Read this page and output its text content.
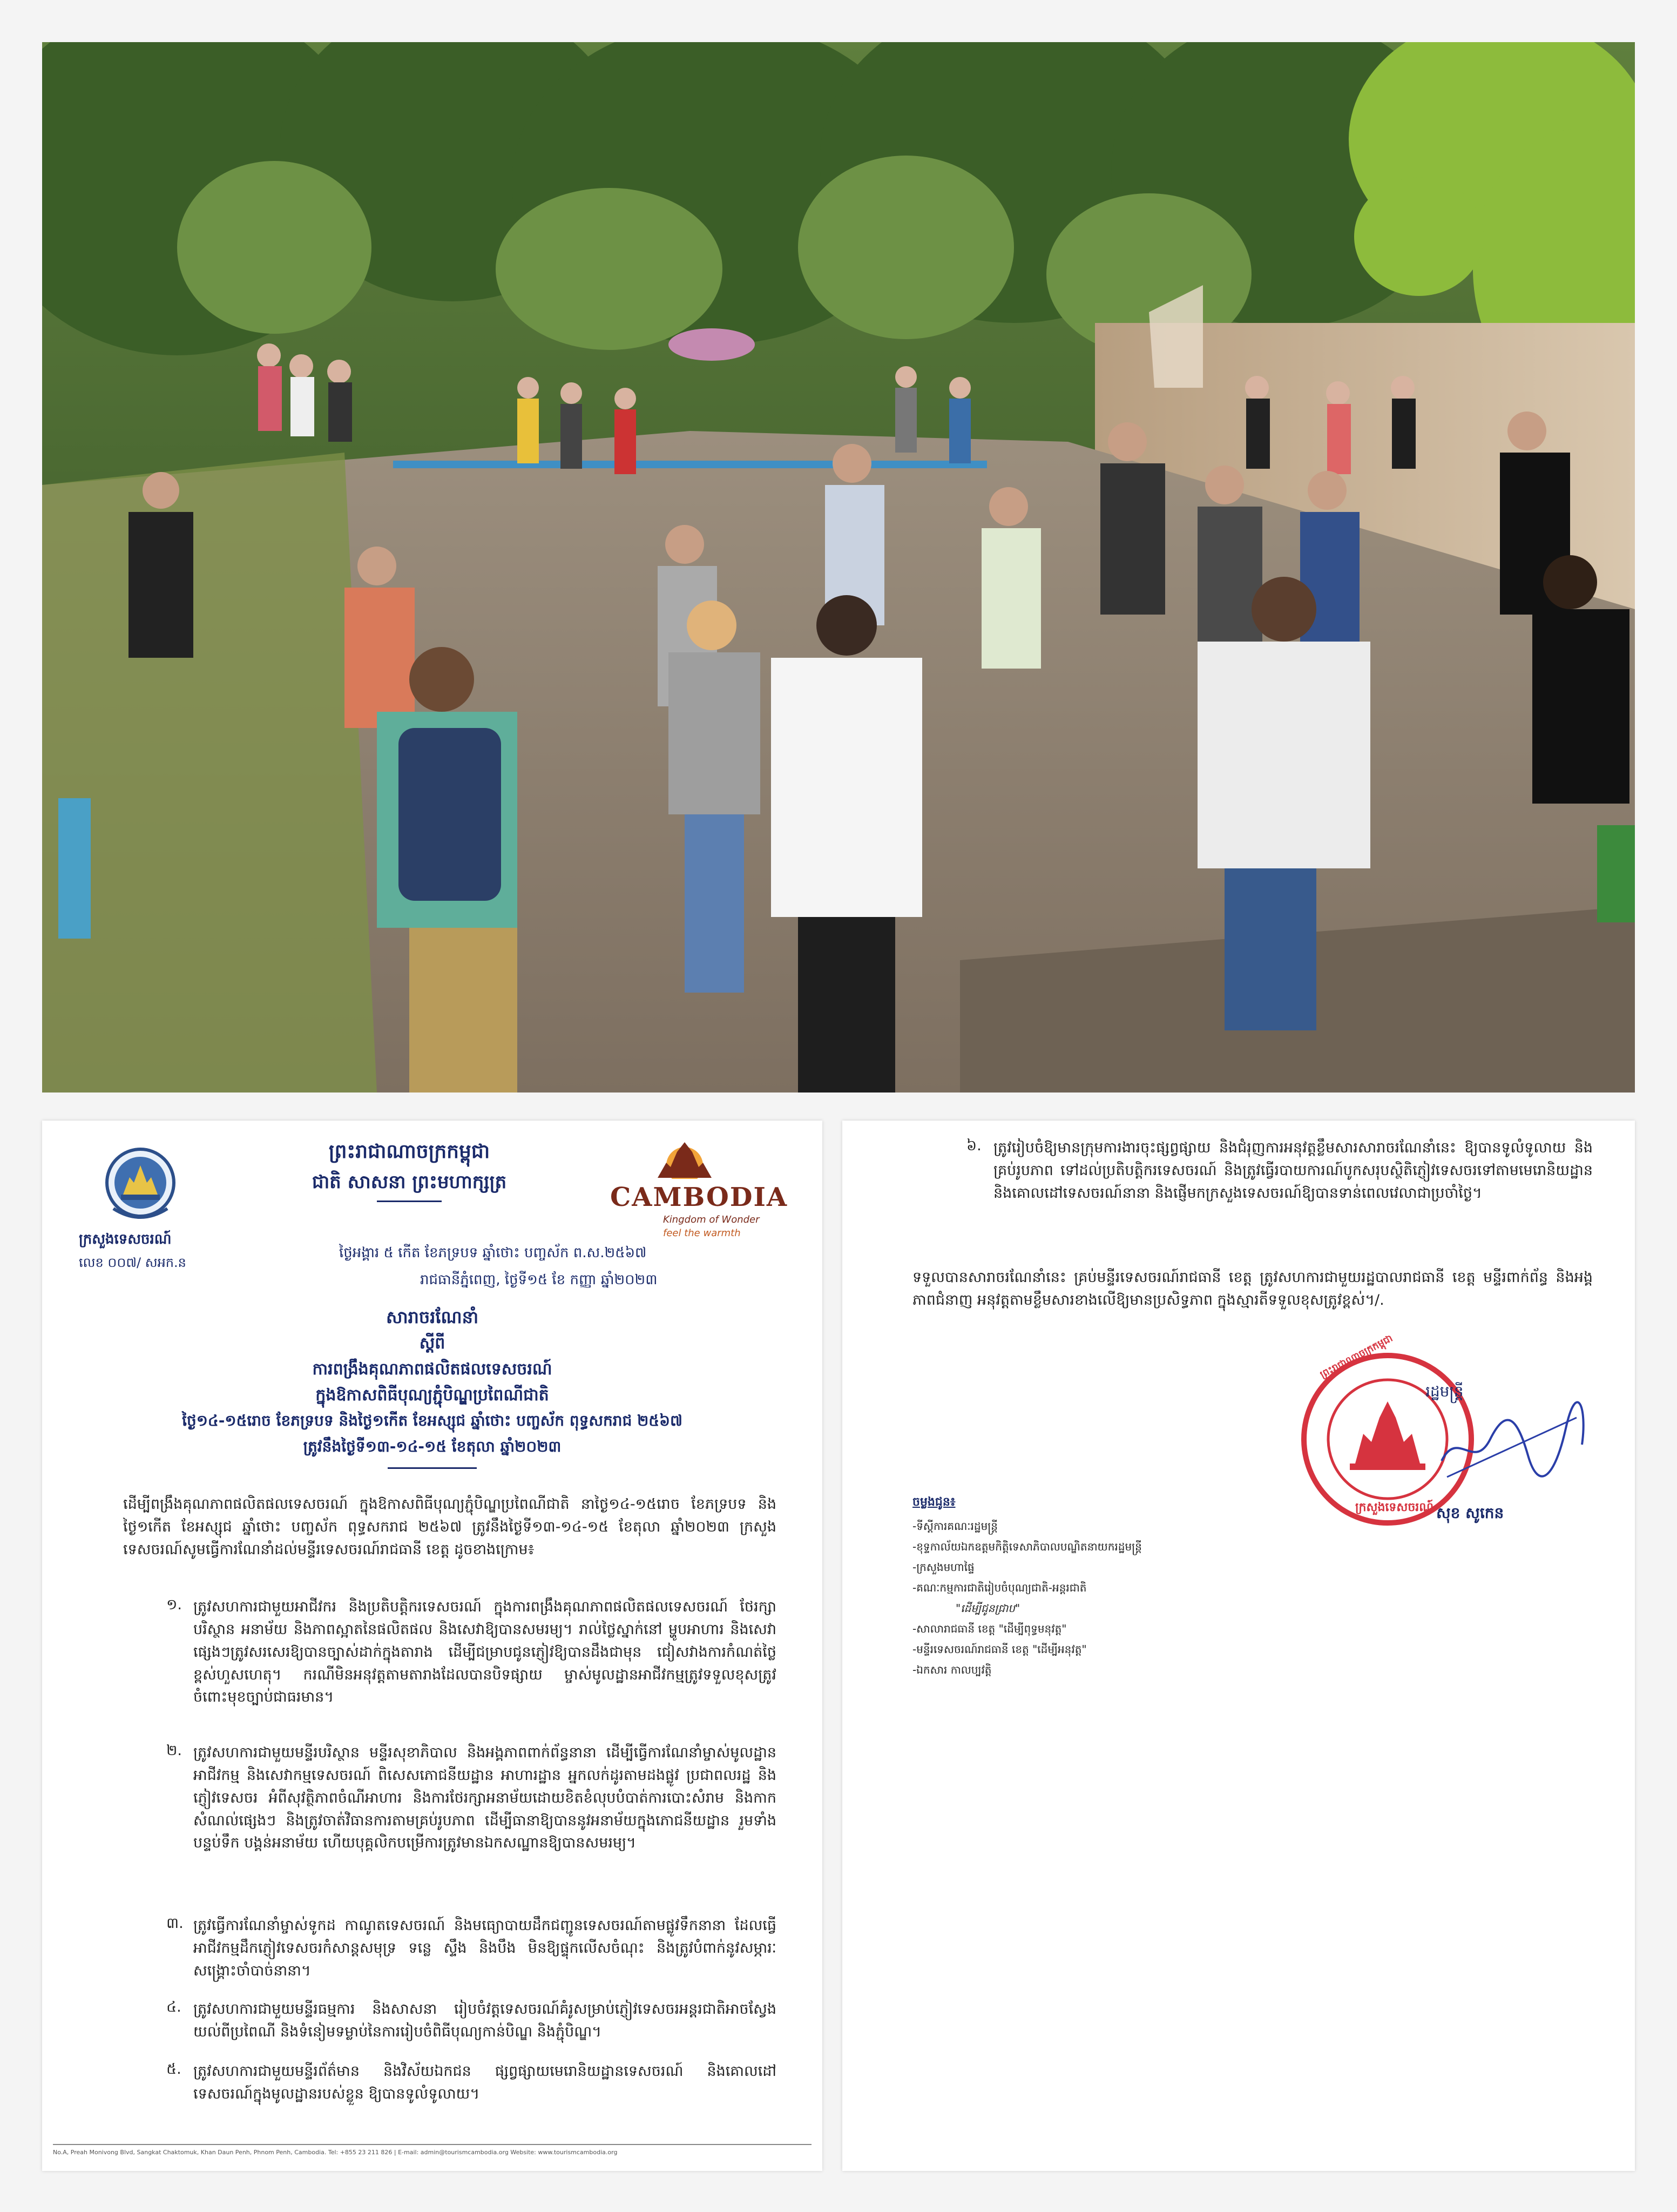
ក្រសួងទេសចរណ៍
លេខ ០០៧/ សអក.ន
ព្រះរាជាណាចក្រកម្ពុជា
ជាតិ សាសនា ព្រះមហាក្សត្រ	CAMBODIA
Kingdom of Wonder
feel the warmth
ថ្ងៃអង្គារ ៥ កើត ខែភទ្របទ ឆ្នាំថោះ បញ្ចស័ក ព.ស.២៥៦៧
រាជធានីភ្នំពេញ, ថ្ងៃទី១៥ ខែ កញ្ញា ឆ្នាំ២០២៣
សារាចរណែនាំ
ស្តីពី
ការពង្រឹងគុណភាពផលិតផលទេសចរណ៍
ក្នុងឱកាសពិធីបុណ្យភ្ជុំបិណ្ឌប្រពៃណីជាតិ
ថ្ងៃ១៤-១៥រោច ខែភទ្របទ និងថ្ងៃ១កើត ខែអស្សុជ ឆ្នាំថោះ បញ្ចស័ក ពុទ្ធសករាជ ២៥៦៧
ត្រូវនឹងថ្ងៃទី១៣-១៤-១៥ ខែតុលា ឆ្នាំ២០២៣
ដើម្បីពង្រឹងគុណភាពផលិតផលទេសចរណ៍ ក្នុងឱកាសពិធីបុណ្យភ្ជុំបិណ្ឌប្រពៃណីជាតិ នាថ្ងៃ១៤-១៥រោច ខែភទ្របទ និងថ្ងៃ១កើត ខែអស្សុជ ឆ្នាំថោះ បញ្ចស័ក ពុទ្ធសករាជ ២៥៦៧ ត្រូវនឹងថ្ងៃទី១៣-១៤-១៥ ខែតុលា ឆ្នាំ២០២៣ ក្រសួងទេសចរណ៍សូមធ្វើការណែនាំដល់មន្ទីរទេសចរណ៍រាជធានី ខេត្ត ដូចខាងក្រោម៖
១. ត្រូវសហការជាមួយអាជីវករ និងប្រតិបត្តិករទេសចរណ៍ ក្នុងការពង្រឹងគុណភាពផលិតផលទេសចរណ៍ ថែរក្សាបរិស្ថាន អនាម័យ និងភាពស្អាតនៃផលិតផល និងសេវាឱ្យបានសមរម្យ។ រាល់ថ្លៃស្នាក់នៅ ម្ហូបអាហារ និងសេវាផ្សេងៗត្រូវសរសេរឱ្យបានច្បាស់ដាក់ក្នុងតារាង ដើម្បីជម្រាបជូនភ្ញៀវឱ្យបានដឹងជាមុន ជៀសវាងការកំណត់ថ្លៃខ្ពស់ហួសហេតុ។ ករណីមិនអនុវត្តតាមតារាងដែលបានបិទផ្សាយ ម្ចាស់មូលដ្ឋានអាជីវកម្មត្រូវទទួលខុសត្រូវចំពោះមុខច្បាប់ជាធរមាន។
២. ត្រូវសហការជាមួយមន្ទីរបរិស្ថាន មន្ទីរសុខាភិបាល និងអង្គភាពពាក់ព័ន្ធនានា ដើម្បីធ្វើការណែនាំម្ចាស់មូលដ្ឋានអាជីវកម្ម និងសេវាកម្មទេសចរណ៍ ពិសេសភោជនីយដ្ឋាន អាហារដ្ឋាន អ្នកលក់ដូរតាមដងផ្លូវ ប្រជាពលរដ្ឋ និងភ្ញៀវទេសចរ អំពីសុវត្ថិភាពចំណីអាហារ និងការថែរក្សាអនាម័យដោយខិតខំលុបបំបាត់ការបោះសំរាម និងកាកសំណល់ផ្សេងៗ និងត្រូវចាត់វិធានការតាមគ្រប់រូបភាព ដើម្បីធានាឱ្យបាននូវអនាម័យក្នុងភោជនីយដ្ឋាន រួមទាំងបន្ទប់ទឹក បង្គន់អនាម័យ ហើយបុគ្គលិកបម្រើការត្រូវមានឯកសណ្ឋានឱ្យបានសមរម្យ។
៣. ត្រូវធ្វើការណែនាំម្ចាស់ទូកដ កាណូតទេសចរណ៍ និងមធ្យោបាយដឹកជញ្ជូនទេសចរណ៍តាមផ្លូវទឹកនានា ដែលធ្វើអាជីវកម្មដឹកភ្ញៀវទេសចរកំសាន្តសមុទ្រ ទន្លេ ស្ទឹង និងបឹង មិនឱ្យផ្ទុកលើសចំណុះ និងត្រូវបំពាក់នូវសម្ភារៈសង្គ្រោះចាំបាច់នានា។
៤. ត្រូវសហការជាមួយមន្ទីរធម្មការ និងសាសនា រៀបចំវត្តទេសចរណ៍គំរូសម្រាប់ភ្ញៀវទេសចរអន្តរជាតិអាចស្វែងយល់ពីប្រពៃណី និងទំនៀមទម្លាប់នៃការរៀបចំពិធីបុណ្យកាន់បិណ្ឌ និងភ្ជុំបិណ្ឌ។
៥. ត្រូវសហការជាមួយមន្ទីរព័ត៌មាន និងវិស័យឯកជន ផ្សព្វផ្សាយមេរោនិយដ្ឋានទេសចរណ៍ និងគោលដៅទេសចរណ៍ក្នុងមូលដ្ឋានរបស់ខ្លួន ឱ្យបានទូលំទូលាយ។
No.A, Preah Monivong Blvd, Sangkat Chaktomuk, Khan Daun Penh, Phnom Penh, Cambodia. Tel: +855 23 211 826 | E-mail: admin@tourismcambodia.org Website: www.tourismcambodia.org
៦. ត្រូវរៀបចំឱ្យមានក្រុមការងារចុះផ្សព្វផ្សាយ និងជំរុញការអនុវត្តខ្លឹមសារសារាចរណែនាំនេះ ឱ្យបានទូលំទូលាយ និងគ្រប់រូបភាព ទៅដល់ប្រតិបត្តិករទេសចរណ៍ និងត្រូវធ្វើរបាយការណ៍បូកសរុបស្ថិតិភ្ញៀវទេសចរទៅតាមមេរោនិយដ្ឋាន និងគោលដៅទេសចរណ៍នានា និងផ្ញើមកក្រសួងទេសចរណ៍ឱ្យបានទាន់ពេលវេលាជាប្រចាំថ្ងៃ។
ទទួលបានសារាចរណែនាំនេះ គ្រប់មន្ទីរទេសចរណ៍រាជធានី ខេត្ត ត្រូវសហការជាមួយរដ្ឋបាលរាជធានី ខេត្ត មន្ទីរពាក់ព័ន្ធ និងអង្គភាពជំនាញ អនុវត្តតាមខ្លឹមសារខាងលើឱ្យមានប្រសិទ្ធភាព ក្នុងស្មារតីទទួលខុសត្រូវខ្ពស់។/.
ព្រះរាជាណាចក្រកម្ពុជា
ក្រសួងទេសចរណ៍
រដ្ឋមន្ត្រី
សុខ សូកេន
ចម្លងជូន៖
-ទីស្តីការគណៈរដ្ឋមន្ត្រី
-ខុទ្ទកាល័យឯកឧត្តមកិត្តិទេសាភិបាលបណ្ឌិតនាយករដ្ឋមន្ត្រី
-ក្រសួងមហាផ្ទៃ
-គណៈកម្មការជាតិរៀបចំបុណ្យជាតិ-អន្តរជាតិ
"ដើម្បីជូនជ្រាប"
-សាលារាជធានី ខេត្ត "ដើម្បីពុទ្ធមនុវត្ត"
-មន្ទីរទេសចរណ៍រាជធានី ខេត្ត "ដើម្បីអនុវត្ត"
-ឯកសារ កាលប្បវត្តិ
